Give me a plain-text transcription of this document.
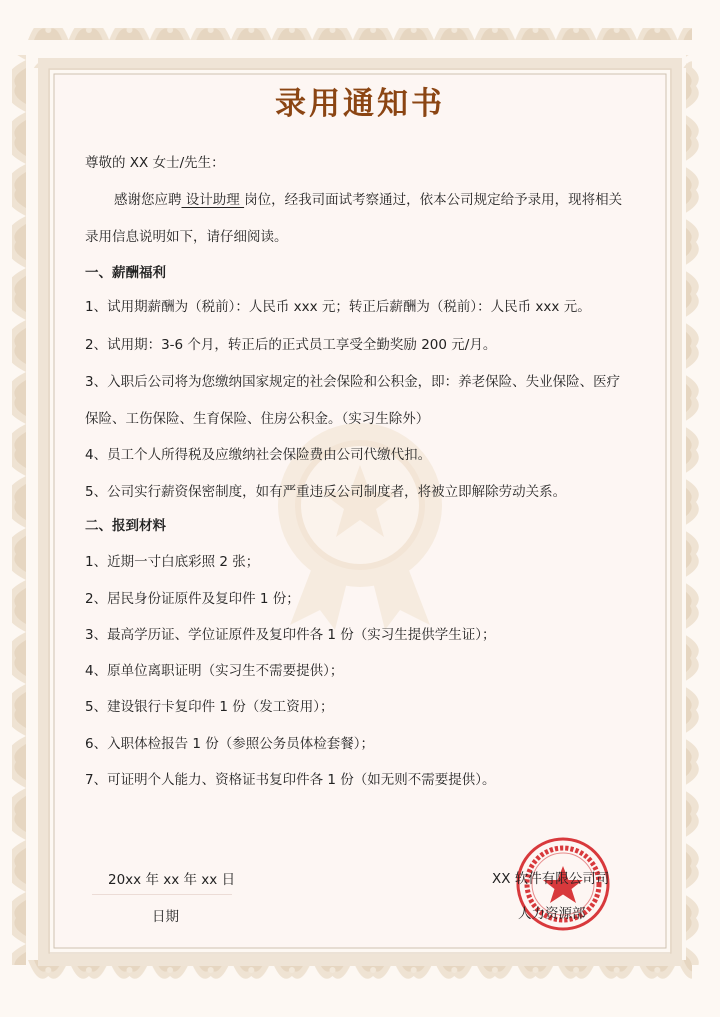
录用通知书
尊敬的 XX 女士/先生：
感谢您应聘 设计助理 岗位，经我司面试考察通过，依本公司规定给予录用，现将相关
录用信息说明如下，请仔细阅读。
一、薪酬福利
1、试用期薪酬为（税前）：人民币 xxx 元；转正后薪酬为（税前）：人民币 xxx 元。
2、试用期：3-6 个月，转正后的正式员工享受全勤奖励 200 元/月。
3、入职后公司将为您缴纳国家规定的社会保险和公积金，即：养老保险、失业保险、医疗
保险、工伤保险、生育保险、住房公积金。（实习生除外）
4、员工个人所得税及应缴纳社会保险费由公司代缴代扣。
5、公司实行薪资保密制度，如有严重违反公司制度者，将被立即解除劳动关系。
二、报到材料
1、近期一寸白底彩照 2 张；
2、居民身份证原件及复印件 1 份；
3、最高学历证、学位证原件及复印件各 1 份（实习生提供学生证）；
4、原单位离职证明（实习生不需要提供）；
5、建设银行卡复印件 1 份（发工资用）；
6、入职体检报告 1 份（参照公务员体检套餐）；
7、可证明个人能力、资格证书复印件各 1 份（如无则不需要提供）。
20xx 年 xx 年 xx 日
日期
XX 软件有限公司司
人力资源部
